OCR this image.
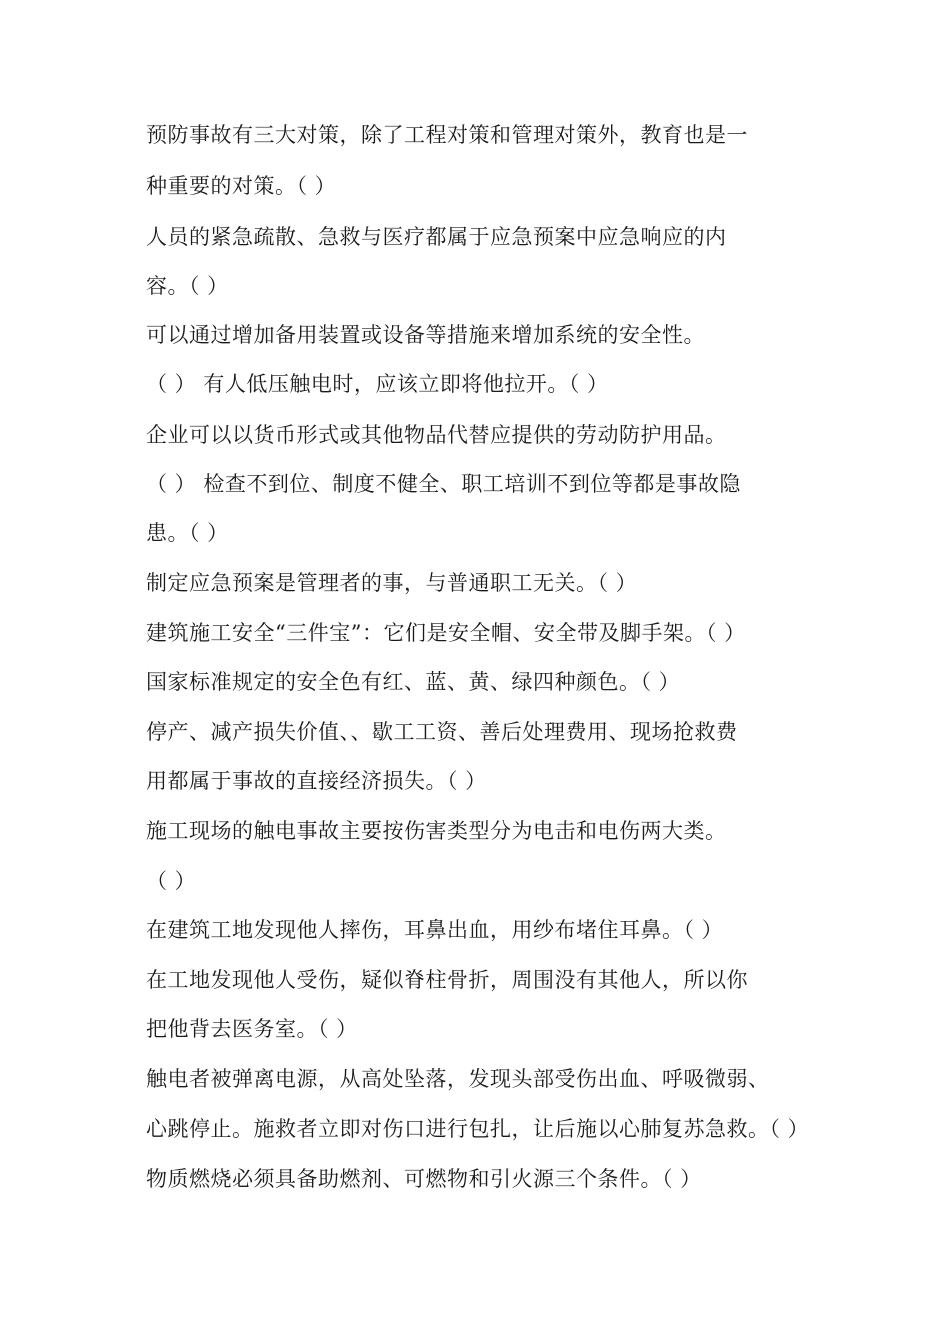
预防事故有三大对策，除了工程对策和管理对策外，教育也是一
种重要的对策。（ ）
人员的紧急疏散、急救与医疗都属于应急预案中应急响应的内
容。（ ）
可以通过增加备用装置或设备等措施来增加系统的安全性。
（ ） 有人低压触电时，应该立即将他拉开。（ ）
企业可以以货币形式或其他物品代替应提供的劳动防护用品。
（ ） 检查不到位、制度不健全、职工培训不到位等都是事故隐
患。（ ）
制定应急预案是管理者的事，与普通职工无关。（ ）
建筑施工安全“三件宝”：它们是安全帽、安全带及脚手架。（ ）
国家标准规定的安全色有红、蓝、黄、绿四种颜色。（ ）
停产、减产损失价值、、歇工工资、善后处理费用、现场抢救费
用都属于事故的直接经济损失。（ ）
施工现场的触电事故主要按伤害类型分为电击和电伤两大类。
（ ）
在建筑工地发现他人摔伤，耳鼻出血，用纱布堵住耳鼻。（ ）
在工地发现他人受伤，疑似脊柱骨折，周围没有其他人，所以你
把他背去医务室。（ ）
触电者被弹离电源，从高处坠落，发现头部受伤出血、呼吸微弱、
心跳停止。施救者立即对伤口进行包扎，让后施以心肺复苏急救。（ ）
物质燃烧必须具备助燃剂、可燃物和引火源三个条件。（ ）
